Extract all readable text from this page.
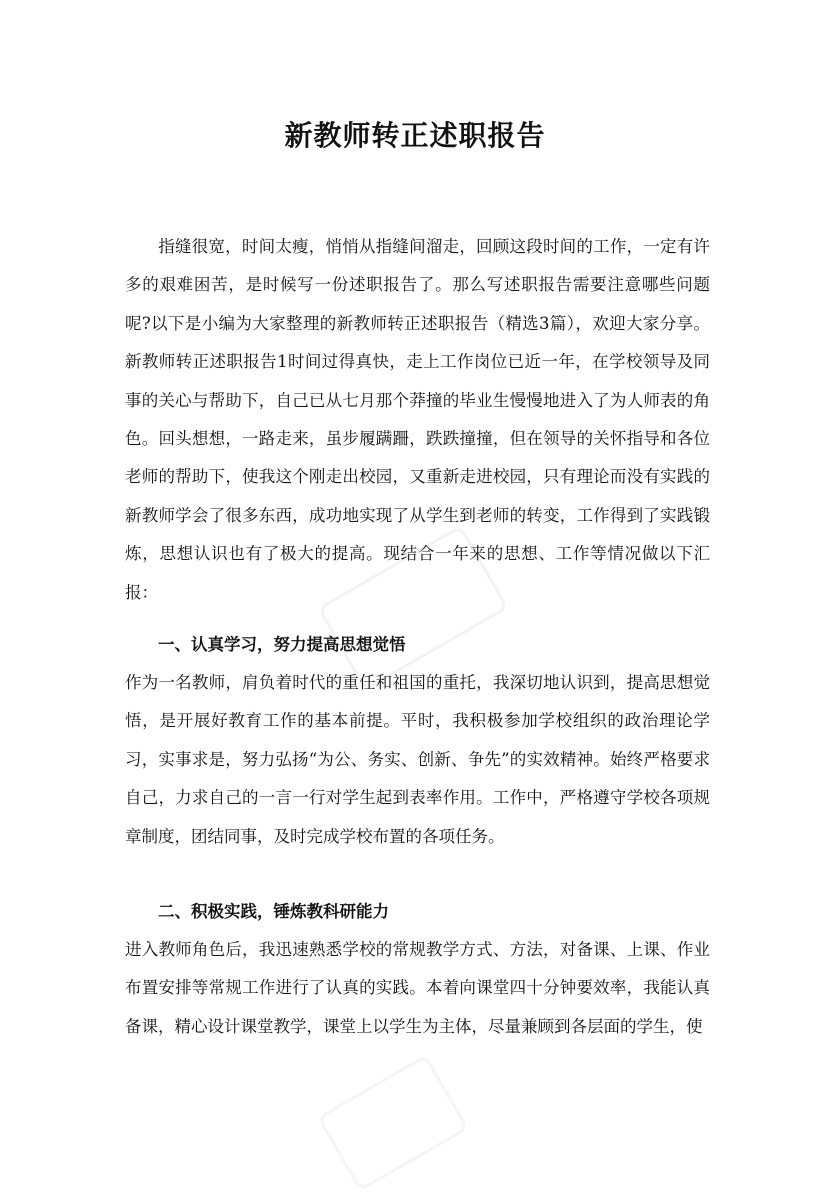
新教师转正述职报告
指缝很宽，时间太瘦，悄悄从指缝间溜走，回顾这段时间的工作，一定有许多的艰难困苦，是时候写一份述职报告了。那么写述职报告需要注意哪些问题呢?以下是小编为大家整理的新教师转正述职报告（精选3篇），欢迎大家分享。新教师转正述职报告1时间过得真快，走上工作岗位已近一年，在学校领导及同事的关心与帮助下，自己已从七月那个莽撞的毕业生慢慢地进入了为人师表的角色。回头想想，一路走来，虽步履蹒跚，跌跌撞撞，但在领导的关怀指导和各位老师的帮助下，使我这个刚走出校园，又重新走进校园，只有理论而没有实践的新教师学会了很多东西，成功地实现了从学生到老师的转变，工作得到了实践锻炼，思想认识也有了极大的提高。现结合一年来的思想、工作等情况做以下汇报：
一、认真学习，努力提高思想觉悟
作为一名教师，肩负着时代的重任和祖国的重托，我深切地认识到，提高思想觉悟，是开展好教育工作的基本前提。平时，我积极参加学校组织的政治理论学习，实事求是，努力弘扬“为公、务实、创新、争先”的实效精神。始终严格要求自己，力求自己的一言一行对学生起到表率作用。工作中，严格遵守学校各项规章制度，团结同事，及时完成学校布置的各项任务。
二、积极实践，锤炼教科研能力
进入教师角色后，我迅速熟悉学校的常规教学方式、方法，对备课、上课、作业布置安排等常规工作进行了认真的实践。本着向课堂四十分钟要效率，我能认真备课，精心设计课堂教学，课堂上以学生为主体，尽量兼顾到各层面的学生，使
